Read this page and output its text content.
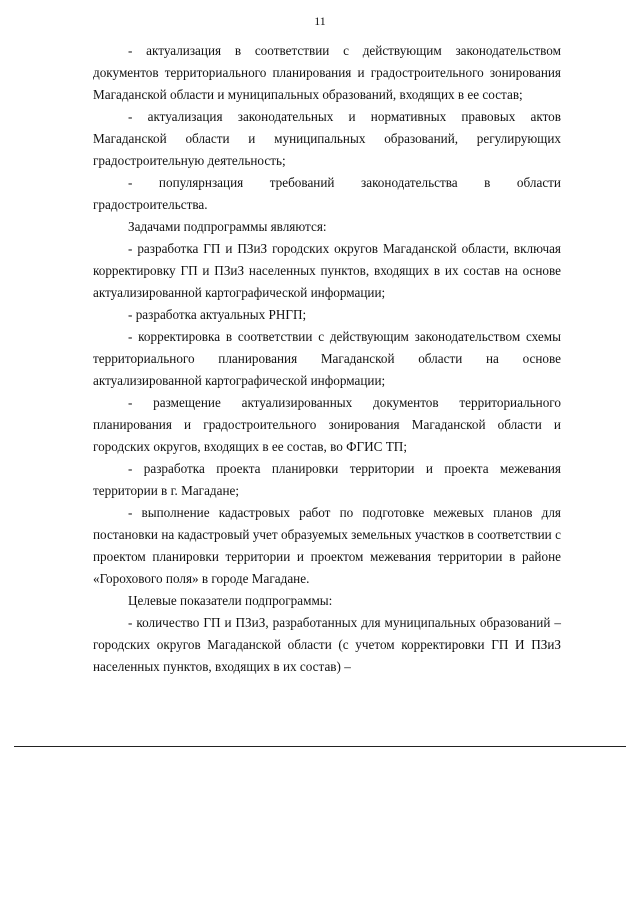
11

- актуализация в соответствии с действующим законодательством документов территориального планирования и градостроительного зонирования Магаданской области и муниципальных образований, входящих в ее состав;

- актуализация законодательных и нормативных правовых актов Магаданской области и муниципальных образований, регулирующих градостроительную деятельность;

- популярнзация требований законодательства в области градостроительства.

Задачами подпрограммы являются:

- разработка ГП и ПЗиЗ городских округов Магаданской области, включая корректировку ГП и ПЗиЗ населенных пунктов, входящих в их состав на основе актуализированной картографической информации;

- разработка актуальных РНГП;

- корректировка в соответствии с действующим законодательством схемы территориального планирования Магаданской области на основе актуализированной картографической информации;

- размещение актуализированных документов территориального планирования и градостроительного зонирования Магаданской области и городских округов, входящих в ее состав, во ФГИС ТП;

- разработка проекта планировки территории и проекта межевания территории в г. Магадане;

- выполнение кадастровых работ по подготовке межевых планов для постановки на кадастровый учет образуемых земельных участков в соответствии с проектом планировки территории и проектом межевания территории в районе «Горохового поля» в городе Магадане.

Целевые показатели подпрограммы:

- количество ГП и ПЗиЗ, разработанных для муниципальных образований – городских округов Магаданской области (с учетом корректировки ГП И ПЗиЗ населенных пунктов, входящих в их состав) –
